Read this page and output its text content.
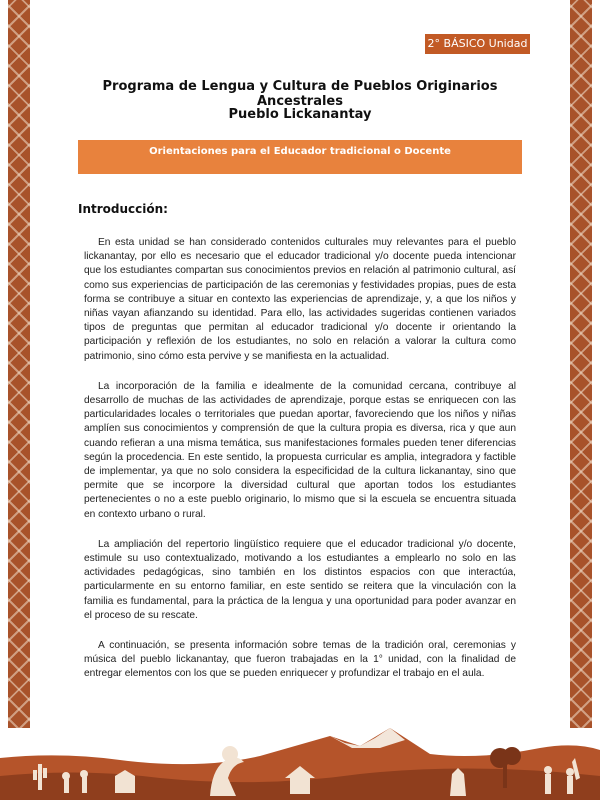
2° BÁSICO Unidad 1
Programa de Lengua y Cultura de Pueblos Originarios Ancestrales
Pueblo Lickanantay
Orientaciones para el Educador tradicional o Docente
Introducción:

En esta unidad se han considerado contenidos culturales muy relevantes para el pueblo lickanantay, por ello es necesario que el educador tradicional y/o docente pueda intencionar que los estudiantes compartan sus conocimientos previos en relación al patrimonio cultural, así como sus experiencias de participación de las ceremonias y festividades propias, pues de esta forma se contribuye a situar en contexto las experiencias de aprendizaje, y, a que los niños y niñas vayan afianzando su identidad. Para ello, las actividades sugeridas contienen variados tipos de preguntas que permitan al educador tradicional y/o docente ir orientando la participación y reflexión de los estudiantes, no solo en relación a valorar la cultura como patrimonio, sino cómo esta pervive y se manifiesta en la actualidad.

La incorporación de la familia e idealmente de la comunidad cercana, contribuye al desarrollo de muchas de las actividades de aprendizaje, porque estas se enriquecen con las particularidades locales o territoriales que puedan aportar, favoreciendo que los niños y niñas amplíen sus conocimientos y comprensión de que la cultura propia es diversa, rica y que aun cuando refieran a una misma temática, sus manifestaciones formales pueden tener diferencias según la procedencia. En este sentido, la propuesta curricular es amplia, integradora y factible de implementar, ya que no solo considera la especificidad de la cultura lickanantay, sino que permite que se incorpore la diversidad cultural que aportan todos los estudiantes pertenecientes o no a este pueblo originario, lo mismo que si la escuela se encuentra situada en contexto urbano o rural.

La ampliación del repertorio lingüístico requiere que el educador tradicional y/o docente, estimule su uso contextualizado, motivando a los estudiantes a emplearlo no solo en las actividades pedagógicas, sino también en los distintos espacios con que interactúa, particularmente en su entorno familiar, en este sentido se reitera que la vinculación con la familia es fundamental, para la práctica de la lengua y una oportunidad para poder avanzar en el proceso de su rescate.

A continuación, se presenta información sobre temas de la tradición oral, ceremonias y música del pueblo lickanantay, que fueron trabajadas en la 1° unidad, con la finalidad de entregar elementos con los que se pueden enriquecer y profundizar el trabajo en el aula.
